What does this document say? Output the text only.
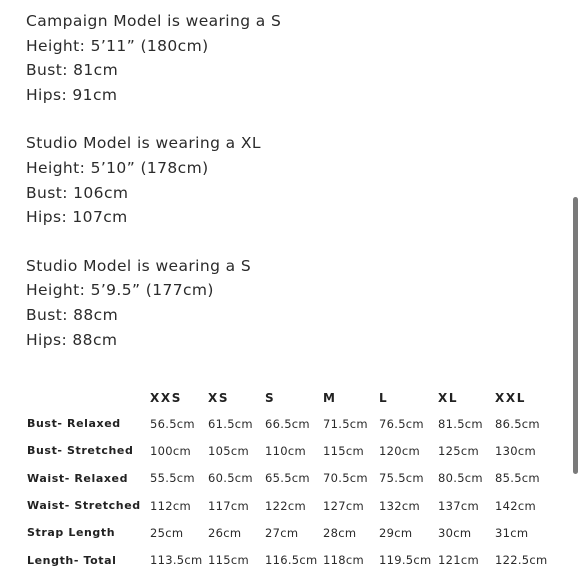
Campaign Model is wearing a S
Height: 5’11” (180cm)
Bust: 81cm
Hips: 91cm
Studio Model is wearing a XL
Height: 5’10” (178cm)
Bust: 106cm
Hips: 107cm
Studio Model is wearing a S
Height: 5’9.5” (177cm)
Bust: 88cm
Hips: 88cm
	XXS	XS	S	M	L	XL	XXL
Bust- Relaxed	56.5cm	61.5cm	66.5cm	71.5cm	76.5cm	81.5cm	86.5cm
Bust- Stretched	100cm	105cm	110cm	115cm	120cm	125cm	130cm
Waist- Relaxed	55.5cm	60.5cm	65.5cm	70.5cm	75.5cm	80.5cm	85.5cm
Waist- Stretched	112cm	117cm	122cm	127cm	132cm	137cm	142cm
Strap Length	25cm	26cm	27cm	28cm	29cm	30cm	31cm
Length- Total	113.5cm	115cm	116.5cm	118cm	119.5cm	121cm	122.5cm
